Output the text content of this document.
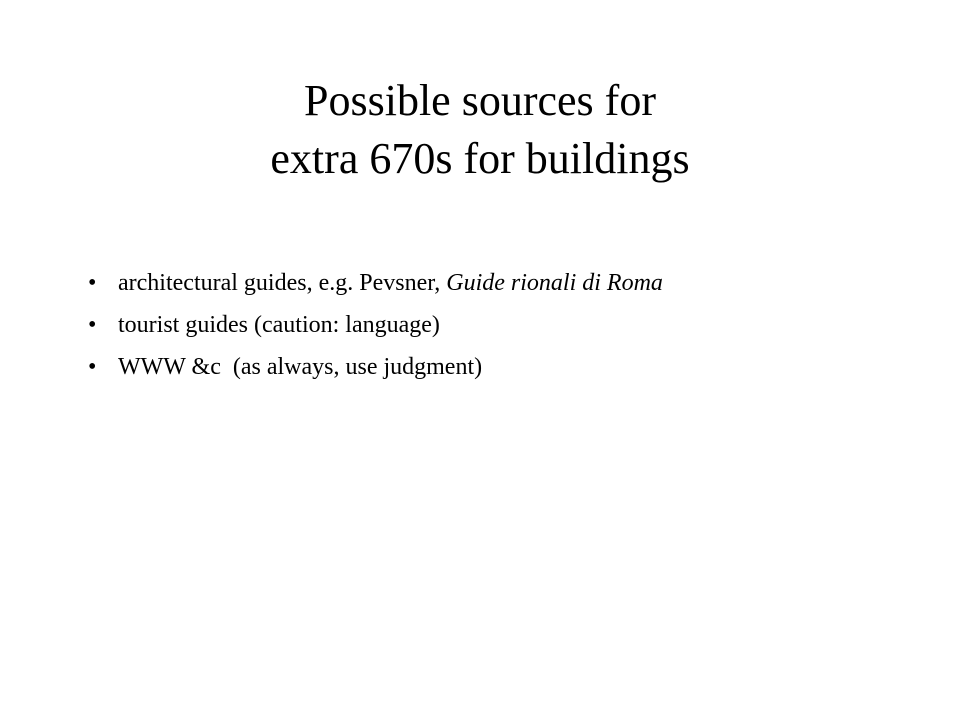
Possible sources for
extra 670s for buildings
• architectural guides, e.g. Pevsner, Guide rionali di Roma
• tourist guides (caution: language)
• WWW &c  (as always, use judgment)
